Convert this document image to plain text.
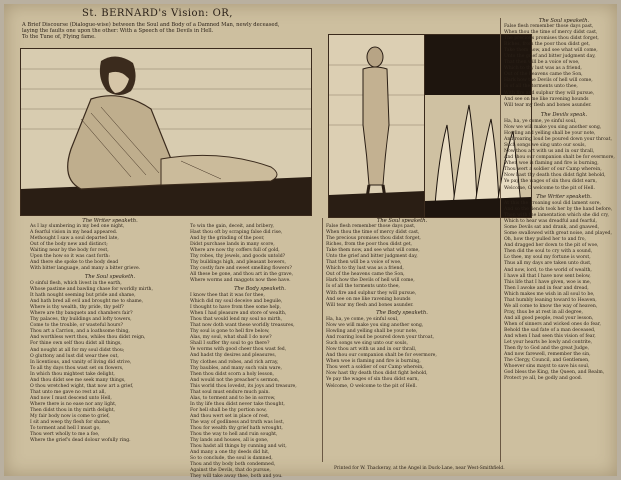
St. BERNARD's Vision: OR,
A Brief Discourse (Dialogue-wise) between the Soul and Body of a Damned Man, newly deceased,
laying the faults one upon the other: With a Speech of the Devils in Hell.
To the Tune of, Flying fame.
The Writer speaketh.
As I lay slumbering in my bed one night,
A fearful vision in my head appeared.
Methought I saw a soul departed late,
Out of the body new and distinct;
Waiting near by the body for rest,
Upon the how so it was cast forth:
And there she spoke to the body dead
With bitter language, and many a bitter grieve.
The Soul speaketh.
O sinful flesh, which livest in the earth,
Whose pastime and bawling chase for worldly mirth,
It hath nought seeming but pride and shame,
And hath bred all evil and brought me to shame,
Where is thy wealth, thy pride, thy pelf?
Where are thy banquets and chambers fair?
Thy palaces, thy buildings and lofty towers,
Come to the trouble, or wasteful hours?
Thou art a Carrion, and a loathsome thing,
And worthless wert thou, whiles thou didst reign,
For thine own self thou didst all things,
And nought at all for my soul didst thou;
O gluttony and lust did wear thee out,
In licentious, and vanity of living did strive,
To all thy days thou wast set on flowers,
In which thou mightest take delight,
And thou didst see me seek many things,
O thou wretched wight, that now art a grief,
That unto me gave no rest at all,
And now I must descend unto Hell,
Where there is no ease nor any light,
Then didst thou in thy mirth delight,
My fair body now is come to grief,
I sit and weep thy flesh for shame,
To torment and hell I must go,
Thou wert wholly to me a foe,
Where the grief's dead dolour wofully ring.
To win the gain, deceit, and bribery,
Hast thou oft by scraping false did rise,
And by the grinding of the poor,
Didst purchase lands in many score,
Where are now thy coffers full of gold,
Thy robes, thy jewels, and goods untold?
Thy buildings high, and pleasant bowers,
Thy costly fare and sweet smelling flowers?
All these be gone, and thou art in the grave,
Where worms and maggots now thee have.
The Body speaketh.
I know thee that it was for thee,
Which did my soul deceive and beguile,
I thought to have from thee some help,
When I had pleasure and store of wealth,
Thou that would lend my soul no mirth,
That now doth want these worldly treasures,
Thy soul is gone to hell fire below,
Alas, my soul, what shall I do now?
Shall I suffer thy soul to go there?
Ye worms with good cheer thou wast fed,
And hadst thy desires and pleasures,
Thy clothes and robes, and rich array,
Thy baubles, and many such vain ware,
Then thou didst scorn a holy lesson,
And would not the preacher's sermon,
This world thou lovedst, its joys and treasure,
That soul must endure much pain.
Alas, to torment and to be in sorrow,
In thy life thou didst never take thought,
For hell shall be thy portion now,
And thou wert set in place of rest,
The way of godliness and truth was lost,
Thou for wealth thy grief hath wrought,
Thou the way to hell and ruin sought,
Thy lands and houses, all is gone,
Thou hadst all things by cunning and wit,
And many a one thy deeds did hit,
So to conclude, the soul is damned,
Thou and thy body both condemned,
Against the Devils, that do pursue,
They will take away thee, both and you.
The Soul speaketh.
False flesh remember those days past,
When thou the time of mercy didst cast,
The precious promises thou didst forget,
Riches, from the poor thou didst get,
Take them now, and see what will come,
Unto the grief and bitter judgment day,
That then will be a voice of woe,
Which to thy lust was as a friend,
Out of the heavens came the Son,
Hark how the Devils of hell will come,
Is of all the torments unto thee,
With fire and sulphur they will pursue,
And see on me like ravening hounds
Will tear my flesh and bones asunder.
The Body speaketh.
Ha, ha, ye come, ye sinful soul,
Now we will make you sing another song,
Howling and yelling shall be your note,
And roaring loud be poured down your throat,
Such songs we sing unto our souls,
Now thou art with us and in our thrall,
And thou our companion shalt be for evermore,
When woe is flaming and fire is burning,
Thou wert a soldier of our Camp wherein,
Now hast thy death thou didst fight behold,
Ye pay the wages of sin thou didst earn,
Welcome, O welcome to the pit of Hell.
The Soul speaketh.
False flesh remember those days past,
When thou the time of mercy didst cast,
The precious promises thou didst forget,
Riches, from the poor thou didst get,
Take them now, and see what will come,
Unto the grief and bitter judgment day,
That then will be a voice of woe,
Which to thy lust was as a friend,
Out of the heavens came the Son,
Hark how the Devils of hell will come,
Is of all the torments unto thee,
With fire and sulphur they will pursue,
And see on me like ravening hounds
Will tear my flesh and bones asunder.
The Devils speak.
Ha, ha, ye come, ye sinful soul,
Now we will make you sing another song,
Howling and yelling shall be your note,
And roaring loud be poured down your throat,
Such songs we sing unto our souls,
Now thou art with us and in our thrall,
And thou our companion shalt be for evermore,
When woe is flaming and fire is burning,
Thou wert a soldier of our Camp wherein,
Now hast thy death thou didst fight behold,
Ye pay the wages of sin thou didst earn,
Welcome, O welcome to the pit of Hell.
The Writer speaketh.
At this the groaning soul did lament sore,
And so the fiends took her by the hand before,
Then with the lamentation which she did cry,
Which to hear was dreadful and fearful,
Some Devils sat and drank, and gnawed,
Some swallowed with great noise, and played,
Oh, how they pulled her to and fro,
And dragged her down to the pit of woe,
Then did the soul to cry with a sound,
Lo thee, my soul my fortune is worst,
Thus all my days are taken unto dust,
And now, lord, to the world of wealth,
I have all that I have now sent below,
This life that I have given, woe is me,
Then I awoke and in fear and dread,
Which makes me wish in all soul to be,
That humbly leaning toward to Heaven,
We all come to know the way of heaven,
Pray, thus be at rest in all degree,
And all good people, read your lesson,
When of sinners and wicked ones do fear,
Behold the sad fate of a man deceased,
And when I had seen this vision of fear,
Let your hearts be lowly and contrite,
Then fly to God and the great Judge,
And now farewell, remember the sin,
The Clergy, Council, and Gentlemen,
Whoever sins mayst to save his soul,
God bless the King, the Queen, and Realm,
Protect ye all, be godly and good.
Printed for W. Thackeray, at the Angel in Duck-Lane, near West-Smithfield.
